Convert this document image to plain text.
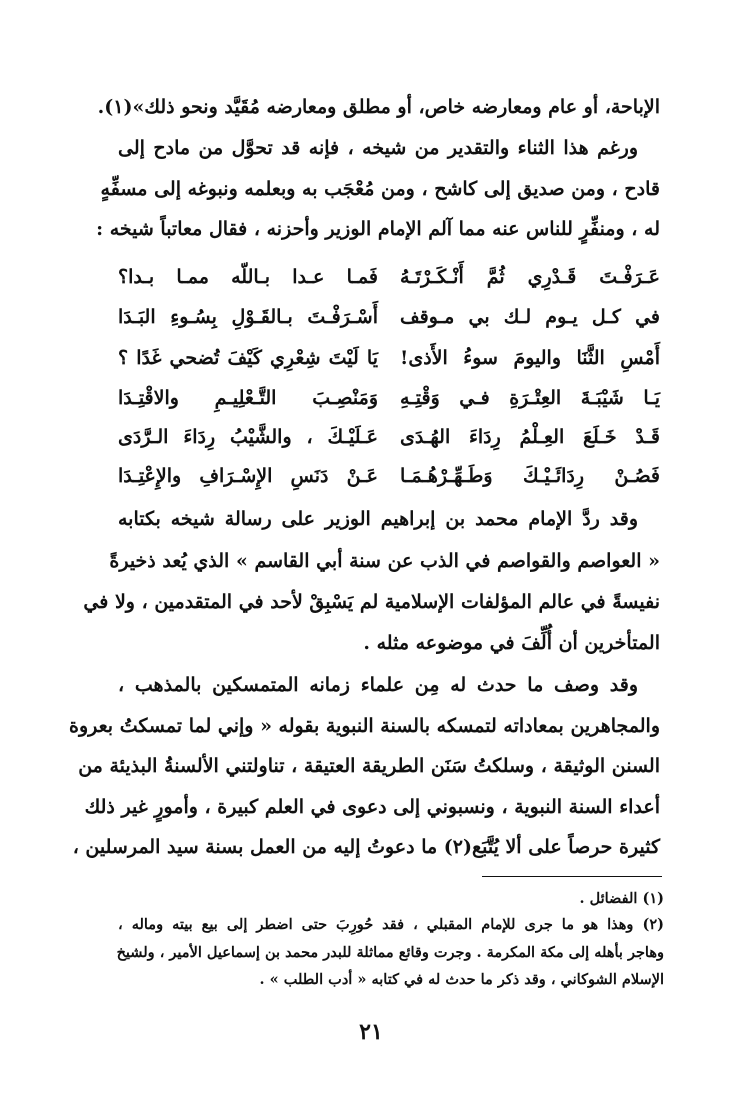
الإباحة، أو عام ومعارضه خاص، أو مطلق ومعارضه مُقَيَّد ونحو ذلك»(١).
ورغم هذا الثناء والتقدير من شيخه ، فإنه قد تحوَّل من مادح إلى
قادح ، ومن صديق إلى كاشح ، ومن مُعْجَب به وبعلمه ونبوغه إلى مسفِّهٍ
له ، ومنفِّرٍ للناس عنه مما آلم الإمام الوزير وأحزنه ، فقال معاتباً شيخه :
عَـرَفْـتَ قَـدْرِي ثُمَّ أَنْـكَـرْتَـهُ
فَمـا عـدا بـاللّه ممـا بـدا؟
في كـل يـوم لـك بي مـوقف
أَسْـرَفْـتَ بـالقَـوْلِ بِسُـوءِ البَـدَا
أَمْسِ الثَّنَا واليومَ سوءُ الأَذى!
يَا لَيْتَ شِعْرِي كَيْفَ تُضحي غَدًا ؟
يَـا شَيْبَـةَ العِتْـرَةِ فـي وَقْتِـهِ
وَمَنْصِـبَ التَّـعْلِيـمِ والاقْتِـدَا
قَـدْ خَـلَعَ العِـلْمُ رِدَاءَ الهُـدَى
عَـلَيْـكَ ، والشَّيْبُ رِدَاءَ الـرَّدَى
فَصُـنْ رِدَائَـيْـكَ وَطَـهِّـرْهُـمَـا
عَـنْ دَنَسِ الإِسْـرَافِ والإِعْتِـدَا
وقد ردَّ الإمام محمد بن إبراهيم الوزير على رسالة شيخه بكتابه
« العواصم والقواصم في الذب عن سنة أبي القاسم » الذي يُعد ذخيرةً
نفيسةً في عالم المؤلفات الإسلامية لم يَسْبِقْ لأحد في المتقدمين ، ولا في
المتأخرين أن أُلِّفَ في موضوعه مثله .
وقد وصف ما حدث له مِن علماء زمانه المتمسكين بالمذهب ،
والمجاهرين بمعاداته لتمسكه بالسنة النبوية بقوله « وإني لما تمسكتُ بعروة
السنن الوثيقة ، وسلكتُ سَنَن الطريقة العتيقة ، تناولتني الألسنةُ البذيئة من
أعداء السنة النبوية ، ونسبوني إلى دعوى في العلم كبيرة ، وأمورٍ غير ذلك
كثيرة حرصاً على ألا يُتَّبَع(٢) ما دعوتُ إليه من العمل بسنة سيد المرسلين ،
(١) الفضائل .
(٢) وهذا هو ما جرى للإمام المقبلي ، فقد حُورِبَ حتى اضطر إلى بيع بيته وماله ،
وهاجر بأهله إلى مكة المكرمة . وجرت وقائع مماثلة للبدر محمد بن إسماعيل الأمير ، ولشيخ
الإسلام الشوكاني ، وقد ذكر ما حدث له في كتابه « أدب الطلب » .
٢١
